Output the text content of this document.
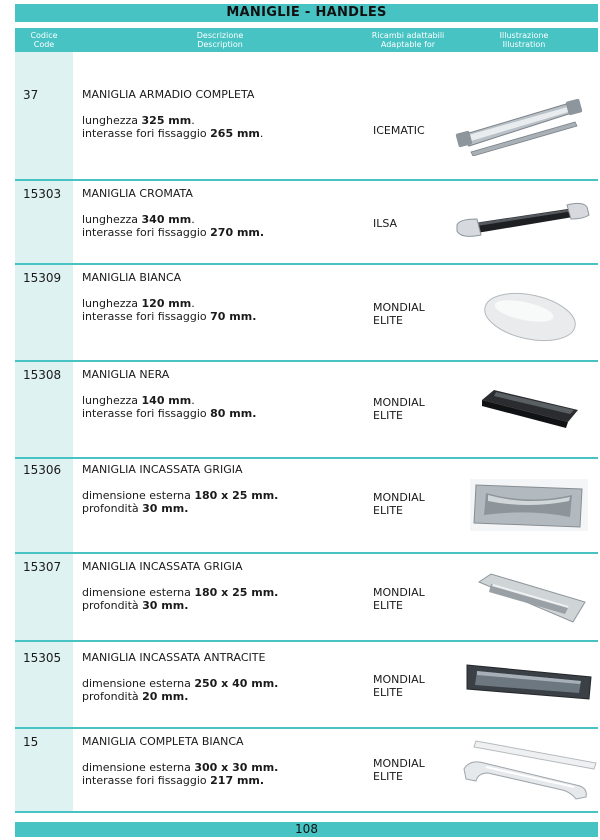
MANIGLIE - HANDLES
Codice
Code
Descrizione
Description
Ricambi adattabili
Adaptable for
Illustrazione
Illustration
37	MANIGLIA ARMADIO COMPLETA
lunghezza 325 mm.
interasse fori fissaggio 265 mm.	ICEMATIC
15303 MANIGLIA CROMATA
lunghezza 340 mm.
interasse fori fissaggio 270 mm.
ILSA
15309 MANIGLIA BIANCA
lunghezza 120 mm.
interasse fori fissaggio 70 mm.
MONDIAL
ELITE
15308 MANIGLIA NERA
lunghezza 140 mm.
interasse fori fissaggio 80 mm.
MONDIAL
ELITE
15306 MANIGLIA INCASSATA GRIGIA
dimensione esterna 180 x 25 mm.
profondità 30 mm.
MONDIAL
ELITE
15307 MANIGLIA INCASSATA GRIGIA
dimensione esterna 180 x 25 mm.
profondità 30 mm.
MONDIAL
ELITE
15305 MANIGLIA INCASSATA ANTRACITE
dimensione esterna 250 x 40 mm.
profondità 20 mm.
MONDIAL
ELITE
15	MANIGLIA COMPLETA BIANCA
dimensione esterna 300 x 30 mm.
interasse fori fissaggio 217 mm.
MONDIAL
ELITE
108
